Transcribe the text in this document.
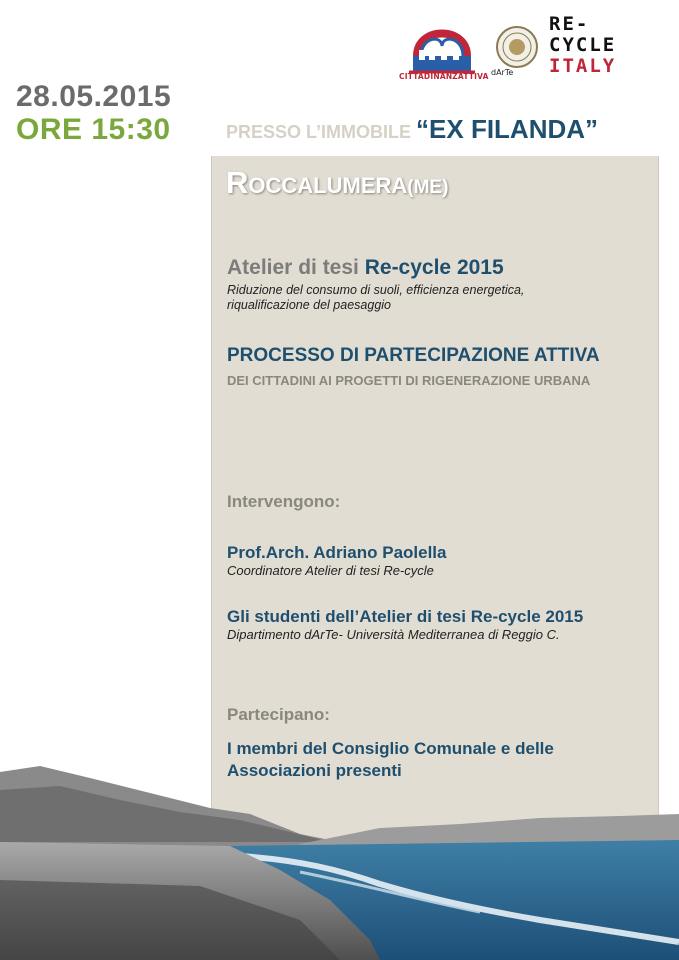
CITTADINANZATTIVA dArTe
RE-
CYCLE
ITALY
28.05.2015
ORE 15:30	PRESSO L’IMMOBILE “EX FILANDA”
Roccalumera(ME)
Atelier di tesi Re-cycle 2015
Riduzione del consumo di suoli, efficienza energetica,
riqualificazione del paesaggio
PROCESSO DI PARTECIPAZIONE ATTIVA
DEI CITTADINI AI PROGETTI DI RIGENERAZIONE URBANA
Intervengono:
Prof.Arch. Adriano Paolella
Coordinatore Atelier di tesi Re-cycle
Gli studenti dell’Atelier di tesi Re-cycle 2015
Dipartimento dArTe- Università Mediterranea di Reggio C.
Partecipano:
I membri del Consiglio Comunale e delle
Associazioni presenti
